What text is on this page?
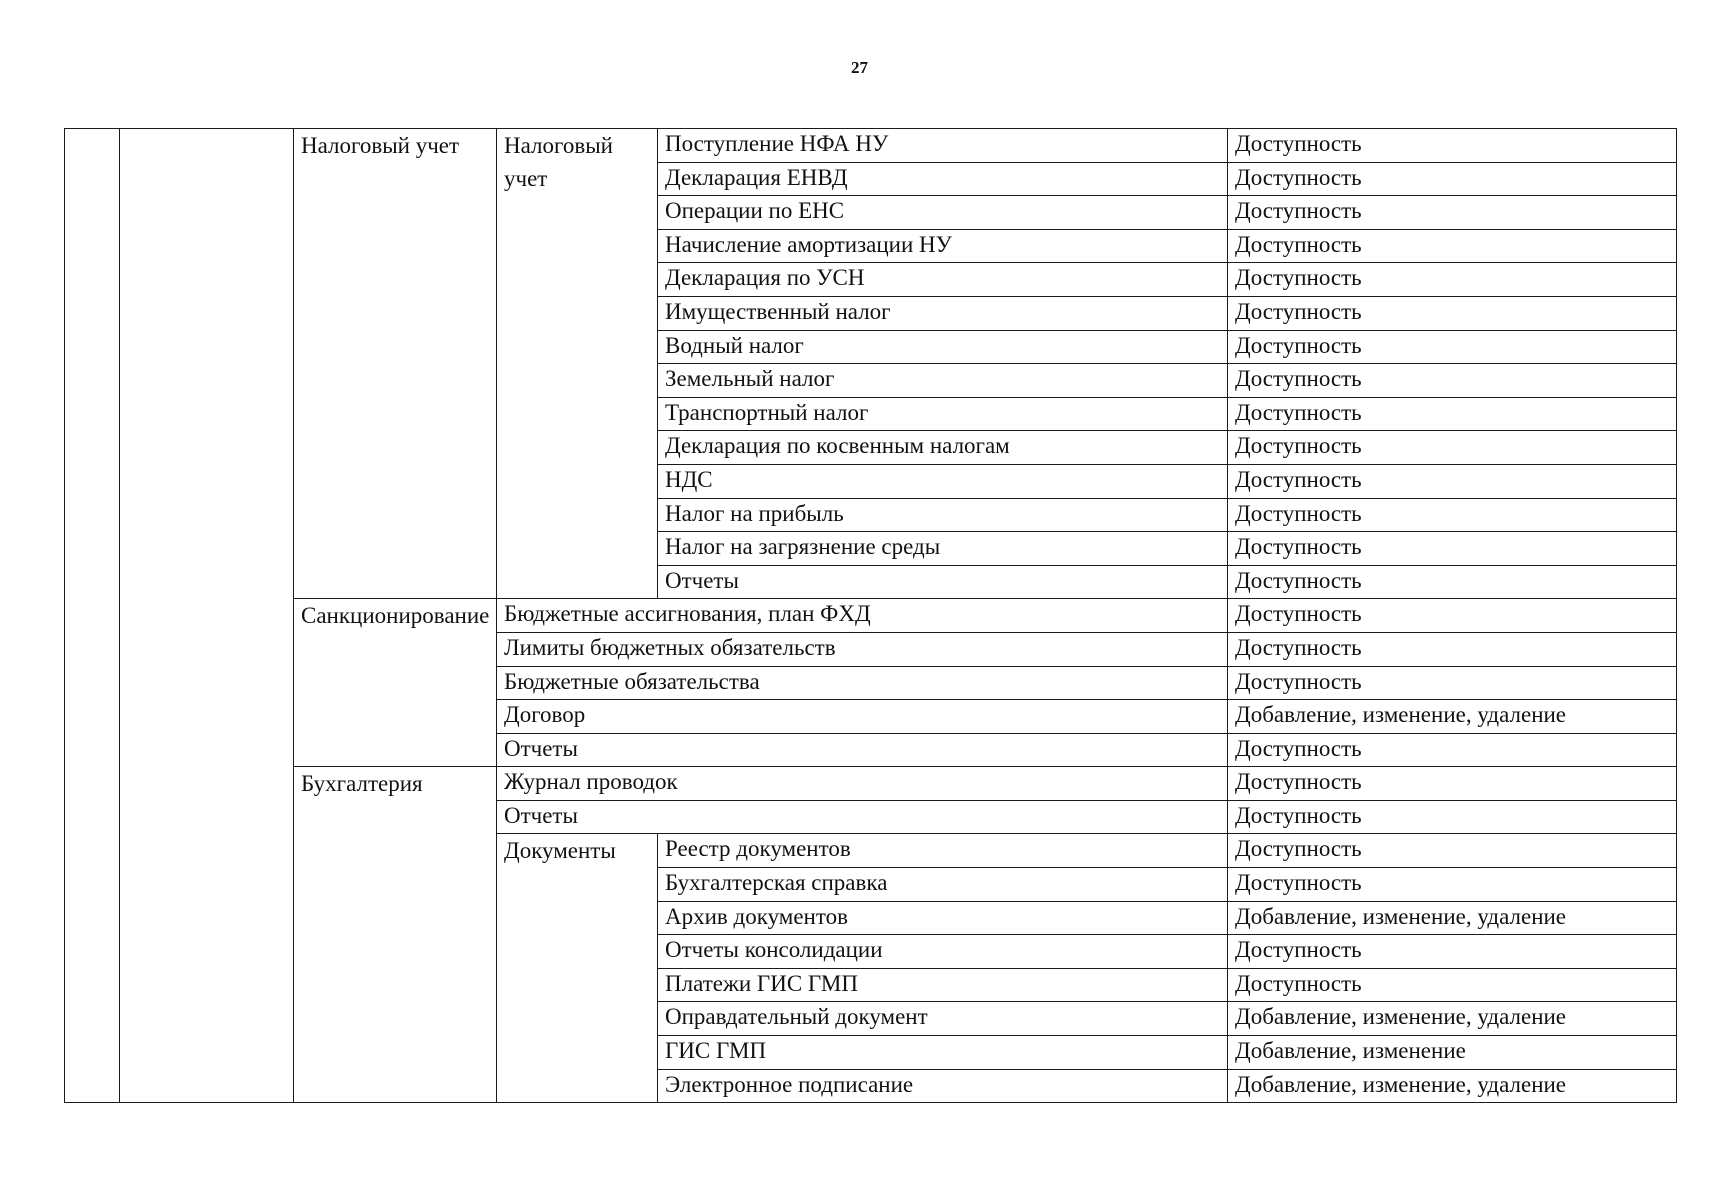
27
		Налоговый учет	Налоговый учет	Поступление НФА НУ	Доступность
				Декларация ЕНВД	Доступность
				Операции по ЕНС	Доступность
				Начисление амортизации НУ	Доступность
				Декларация по УСН	Доступность
				Имущественный налог	Доступность
				Водный налог	Доступность
				Земельный налог	Доступность
				Транспортный налог	Доступность
				Декларация по косвенным налогам	Доступность
				НДС	Доступность
				Налог на прибыль	Доступность
				Налог на загрязнение среды	Доступность
				Отчеты	Доступность
		Санкционирование	Бюджетные ассигнования, план ФХД		Доступность
			Лимиты бюджетных обязательств		Доступность
			Бюджетные обязательства		Доступность
			Договор		Добавление, изменение, удаление
			Отчеты		Доступность
		Бухгалтерия	Журнал проводок		Доступность
			Отчеты		Доступность
			Документы	Реестр документов	Доступность
				Бухгалтерская справка	Доступность
				Архив документов	Добавление, изменение, удаление
				Отчеты консолидации	Доступность
				Платежи ГИС ГМП	Доступность
				Оправдательный документ	Добавление, изменение, удаление
				ГИС ГМП	Добавление, изменение
				Электронное подписание	Добавление, изменение, удаление
